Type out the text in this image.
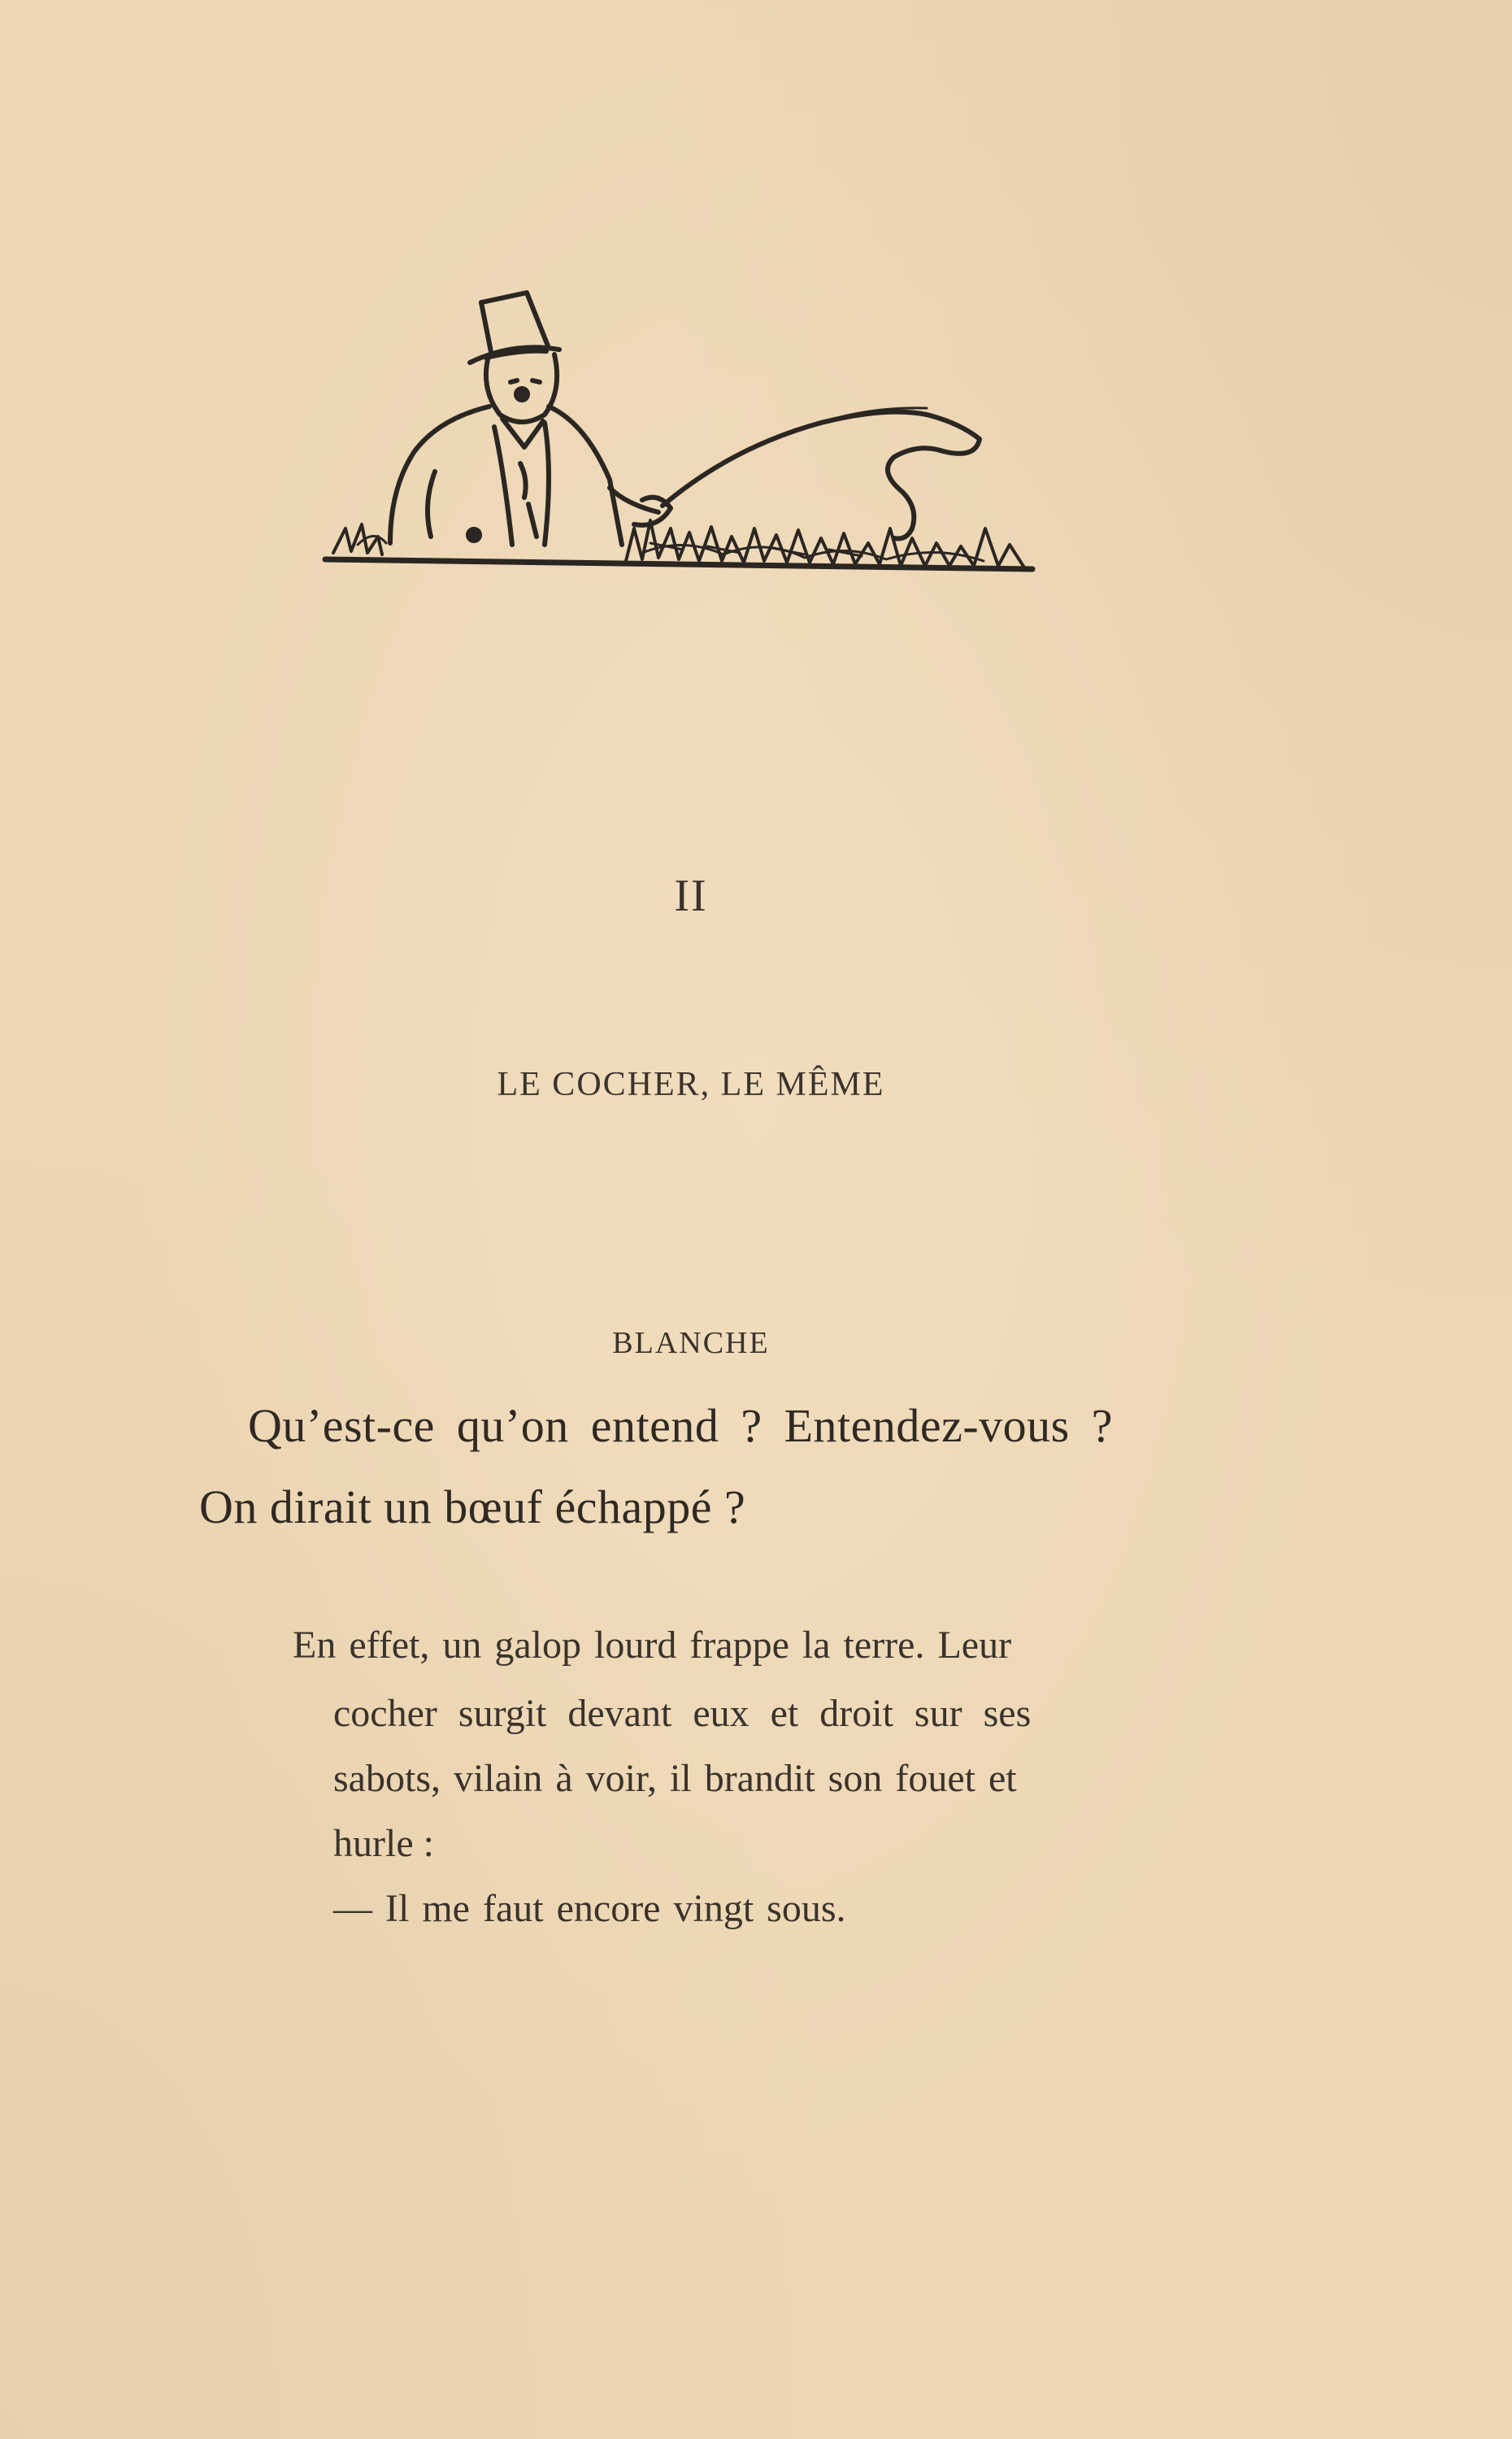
II
LE COCHER, LE MÊME
BLANCHE
Qu’est-ce qu’on entend ? Entendez-vous ?
On dirait un bœuf échappé ?
En effet, un galop lourd frappe la terre. Leur
cocher surgit devant eux et droit sur ses
sabots, vilain à voir, il brandit son fouet et
hurle :
— Il me faut encore vingt sous.
